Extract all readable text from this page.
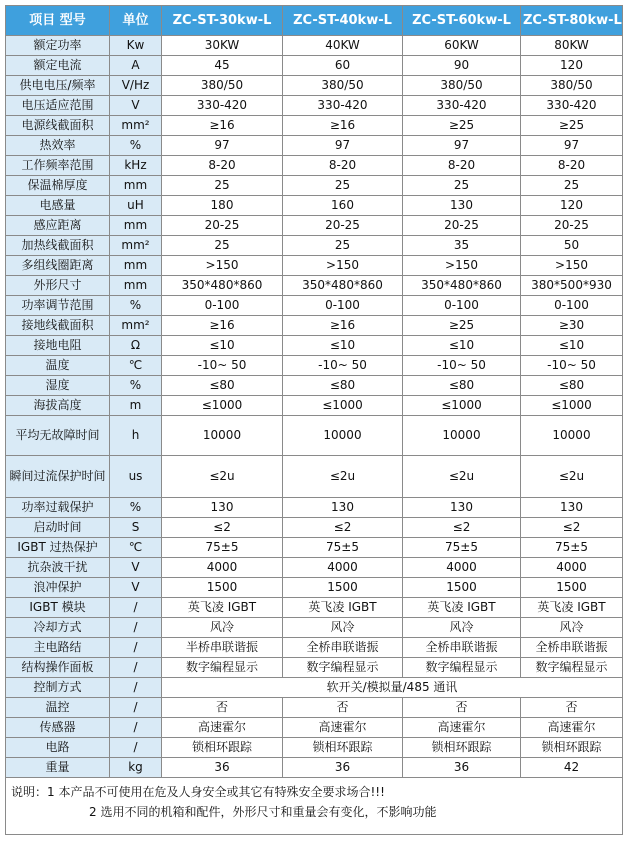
项目 型号	单位	ZC-ST-30kw-L	ZC-ST-40kw-L	ZC-ST-60kw-L	ZC-ST-80kw-L
额定功率	Kw	30KW	40KW	60KW	80KW
额定电流	A	45	60	90	120
供电电压/频率	V/Hz	380/50	380/50	380/50	380/50
电压适应范围	V	330-420	330-420	330-420	330-420
电源线截面积	mm²	≥16	≥16	≥25	≥25
热效率	%	97	97	97	97
工作频率范围	kHz	8-20	8-20	8-20	8-20
保温棉厚度	mm	25	25	25	25
电感量	uH	180	160	130	120
感应距离	mm	20-25	20-25	20-25	20-25
加热线截面积	mm²	25	25	35	50
多组线圈距离	mm	>150	>150	>150	>150
外形尺寸	mm	350*480*860	350*480*860	350*480*860	380*500*930
功率调节范围	%	0-100	0-100	0-100	0-100
接地线截面积	mm²	≥16	≥16	≥25	≥30
接地电阻	Ω	≤10	≤10	≤10	≤10
温度	℃	-10~ 50	-10~ 50	-10~ 50	-10~ 50
湿度	%	≤80	≤80	≤80	≤80
海拔高度	m	≤1000	≤1000	≤1000	≤1000
平均无故障时间	h	10000	10000	10000	10000
瞬间过流保护时间	us	≤2u	≤2u	≤2u	≤2u
功率过载保护	%	130	130	130	130
启动时间	S	≤2	≤2	≤2	≤2
IGBT 过热保护	℃	75±5	75±5	75±5	75±5
抗杂波干扰	V	4000	4000	4000	4000
浪冲保护	V	1500	1500	1500	1500
IGBT 模块	/	英飞凌 IGBT	英飞凌 IGBT	英飞凌 IGBT	英飞凌 IGBT
冷却方式	/	风冷	风冷	风冷	风冷
主电路结	/	半桥串联谐振	全桥串联谐振	全桥串联谐振	全桥串联谐振
结构操作面板	/	数字编程显示	数字编程显示	数字编程显示	数字编程显示
控制方式	/	软开关/模拟量/485 通讯			
温控	/	否	否	否	否
传感器	/	高速霍尔	高速霍尔	高速霍尔	高速霍尔
电路	/	锁相环跟踪	锁相环跟踪	锁相环跟踪	锁相环跟踪
重量	kg	36	36	36	42
说明：1 本产品不可使用在危及人身安全或其它有特殊安全要求场合!!!
2 选用不同的机箱和配件，外形尺寸和重量会有变化，不影响功能
